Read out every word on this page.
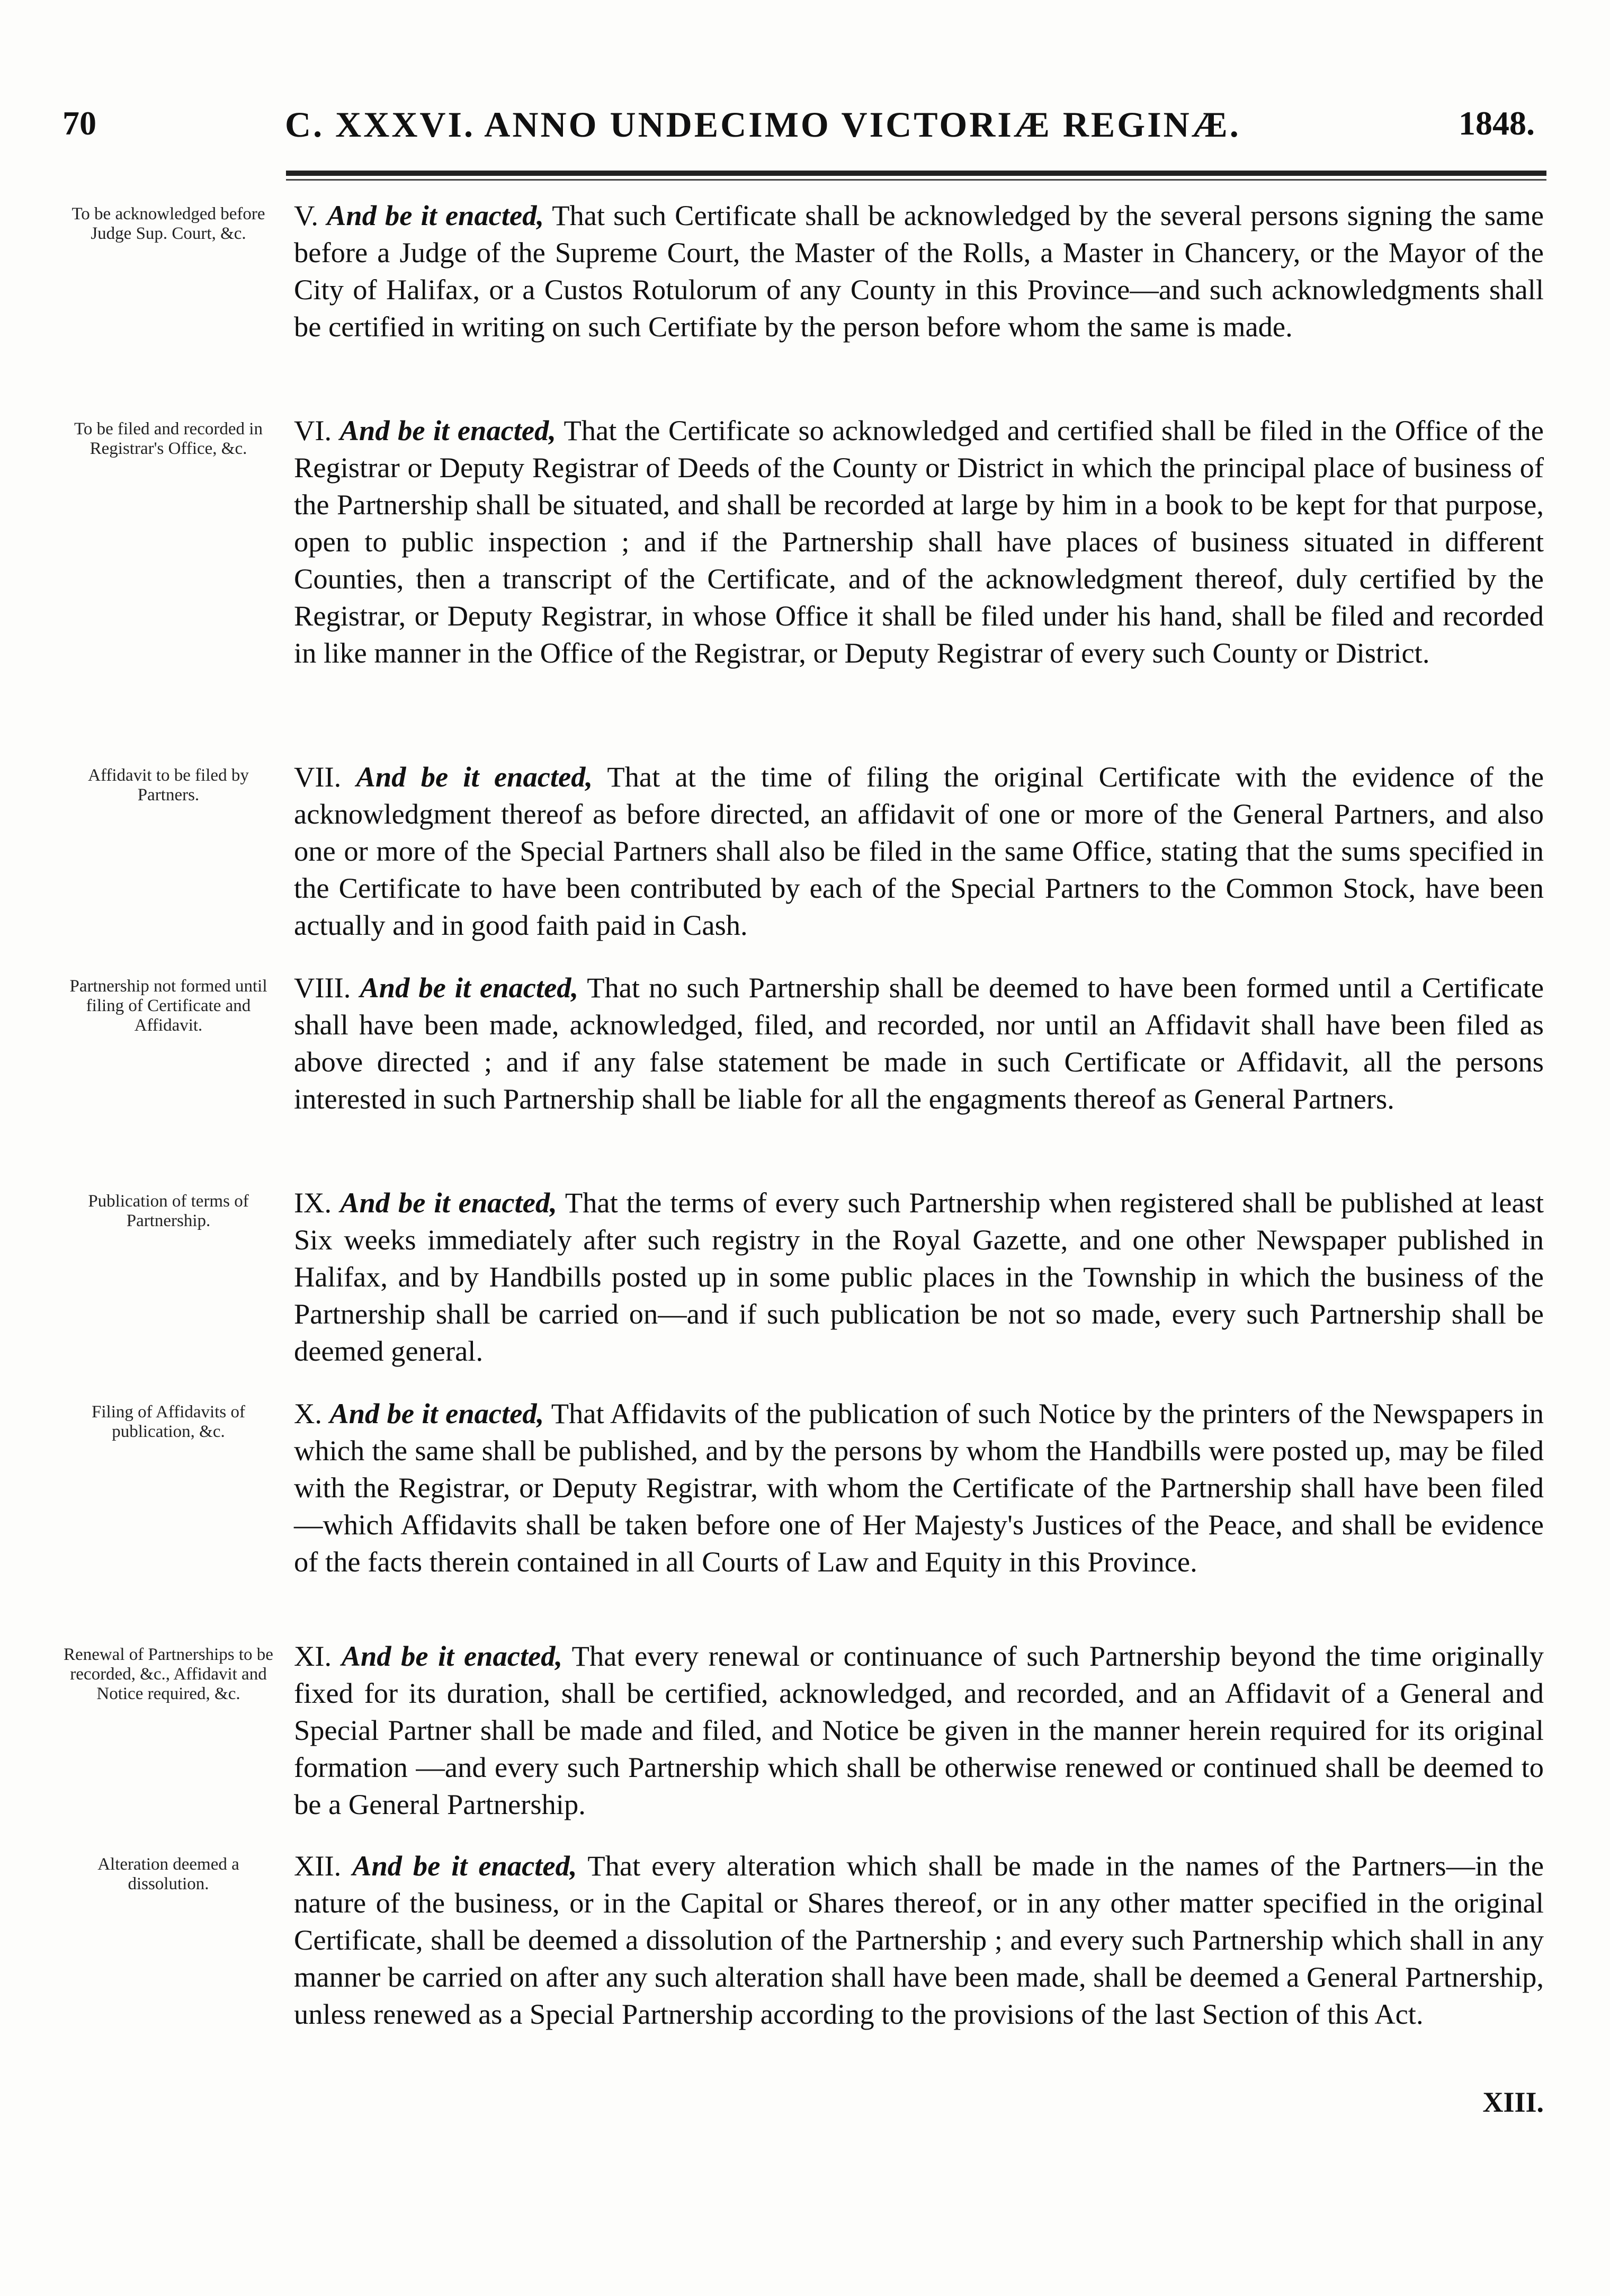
70	C. XXXVI. ANNO UNDECIMO VICTORIÆ REGINÆ.	1848.
To be acknowledged before Judge Sup. Court, &c.
V. And be it enacted, That such Certificate shall be acknowledged by the several persons signing the same before a Judge of the Supreme Court, the Master of the Rolls, a Master in Chancery, or the Mayor of the City of Halifax, or a Custos Rotulorum of any County in this Province—and such acknowledgments shall be certified in writing on such Certifiate by the person before whom the same is made.
To be filed and recorded in Registrar's Office, &c.
VI. And be it enacted, That the Certificate so acknowledged and certified shall be filed in the Office of the Registrar or Deputy Registrar of Deeds of the County or District in which the principal place of business of the Partnership shall be situated, and shall be recorded at large by him in a book to be kept for that purpose, open to public inspection ; and if the Partnership shall have places of business situated in different Counties, then a transcript of the Certificate, and of the acknowledgment thereof, duly certified by the Registrar, or Deputy Registrar, in whose Office it shall be filed under his hand, shall be filed and recorded in like manner in the Office of the Registrar, or Deputy Registrar of every such County or District.
Affidavit to be filed by Partners.
VII. And be it enacted, That at the time of filing the original Certificate with the evidence of the acknowledgment thereof as before directed, an affidavit of one or more of the General Partners, and also one or more of the Special Partners shall also be filed in the same Office, stating that the sums specified in the Certificate to have been contributed by each of the Special Partners to the Common Stock, have been actually and in good faith paid in Cash.
Partnership not formed until filing of Certificate and Affidavit.
VIII. And be it enacted, That no such Partnership shall be deemed to have been formed until a Certificate shall have been made, acknowledged, filed, and recorded, nor until an Affidavit shall have been filed as above directed ; and if any false statement be made in such Certificate or Affidavit, all the persons interested in such Partnership shall be liable for all the engagments thereof as General Partners.
Publication of terms of Partnership.
IX. And be it enacted, That the terms of every such Partnership when registered shall be published at least Six weeks immediately after such registry in the Royal Gazette, and one other Newspaper published in Halifax, and by Handbills posted up in some public places in the Township in which the business of the Partnership shall be carried on—and if such publication be not so made, every such Partnership shall be deemed general.
Filing of Affidavits of publication, &c.
X. And be it enacted, That Affidavits of the publication of such Notice by the printers of the Newspapers in which the same shall be published, and by the persons by whom the Handbills were posted up, may be filed with the Registrar, or Deputy Registrar, with whom the Certificate of the Partnership shall have been filed —which Affidavits shall be taken before one of Her Majesty's Justices of the Peace, and shall be evidence of the facts therein contained in all Courts of Law and Equity in this Province.
Renewal of Partnerships to be recorded, &c., Affidavit and Notice required, &c.
XI. And be it enacted, That every renewal or continuance of such Partnership beyond the time originally fixed for its duration, shall be certified, acknowledged, and recorded, and an Affidavit of a General and Special Partner shall be made and filed, and Notice be given in the manner herein required for its original formation —and every such Partnership which shall be otherwise renewed or continued shall be deemed to be a General Partnership.
Alteration deemed a dissolution.
XII. And be it enacted, That every alteration which shall be made in the names of the Partners—in the nature of the business, or in the Capital or Shares thereof, or in any other matter specified in the original Certificate, shall be deemed a dissolution of the Partnership ; and every such Partnership which shall in any manner be carried on after any such alteration shall have been made, shall be deemed a General Partnership, unless renewed as a Special Partnership according to the provisions of the last Section of this Act.
XIII.
